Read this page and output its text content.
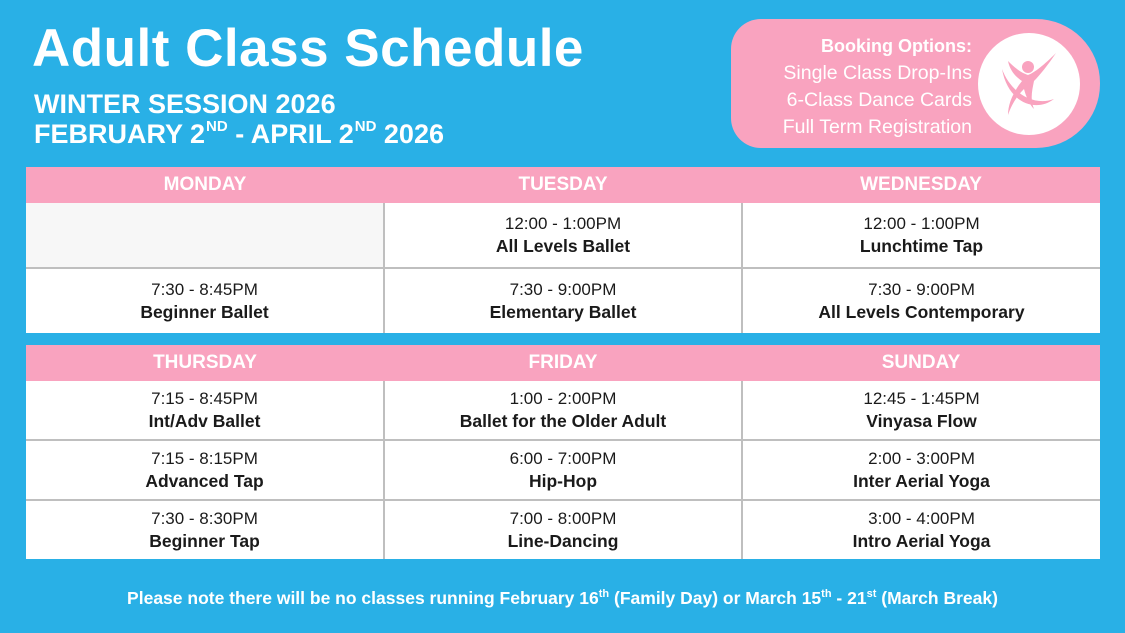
Adult Class Schedule

WINTER SESSION 2026

FEBRUARY 2ND - APRIL 2ND 2026

Booking Options:
Single Class Drop-Ins
6-Class Dance Cards
Full Term Registration
MONDAY	TUESDAY	WEDNESDAY

	12:00 - 1:00PM
All Levels Ballet	12:00 - 1:00PM
Lunchtime Tap

7:30 - 8:45PM
Beginner Ballet	7:30 - 9:00PM
Elementary Ballet	7:30 - 9:00PM
All Levels Contemporary
THURSDAY	FRIDAY	SUNDAY

7:15 - 8:45PM
Int/Adv Ballet	1:00 - 2:00PM
Ballet for the Older Adult	12:45 - 1:45PM
Vinyasa Flow

7:15 - 8:15PM
Advanced Tap	6:00 - 7:00PM
Hip-Hop	2:00 - 3:00PM
Inter Aerial Yoga

7:30 - 8:30PM
Beginner Tap	7:00 - 8:00PM
Line-Dancing	3:00 - 4:00PM
Intro Aerial Yoga
Please note there will be no classes running February 16th (Family Day) or March 15th - 21st (March Break)
